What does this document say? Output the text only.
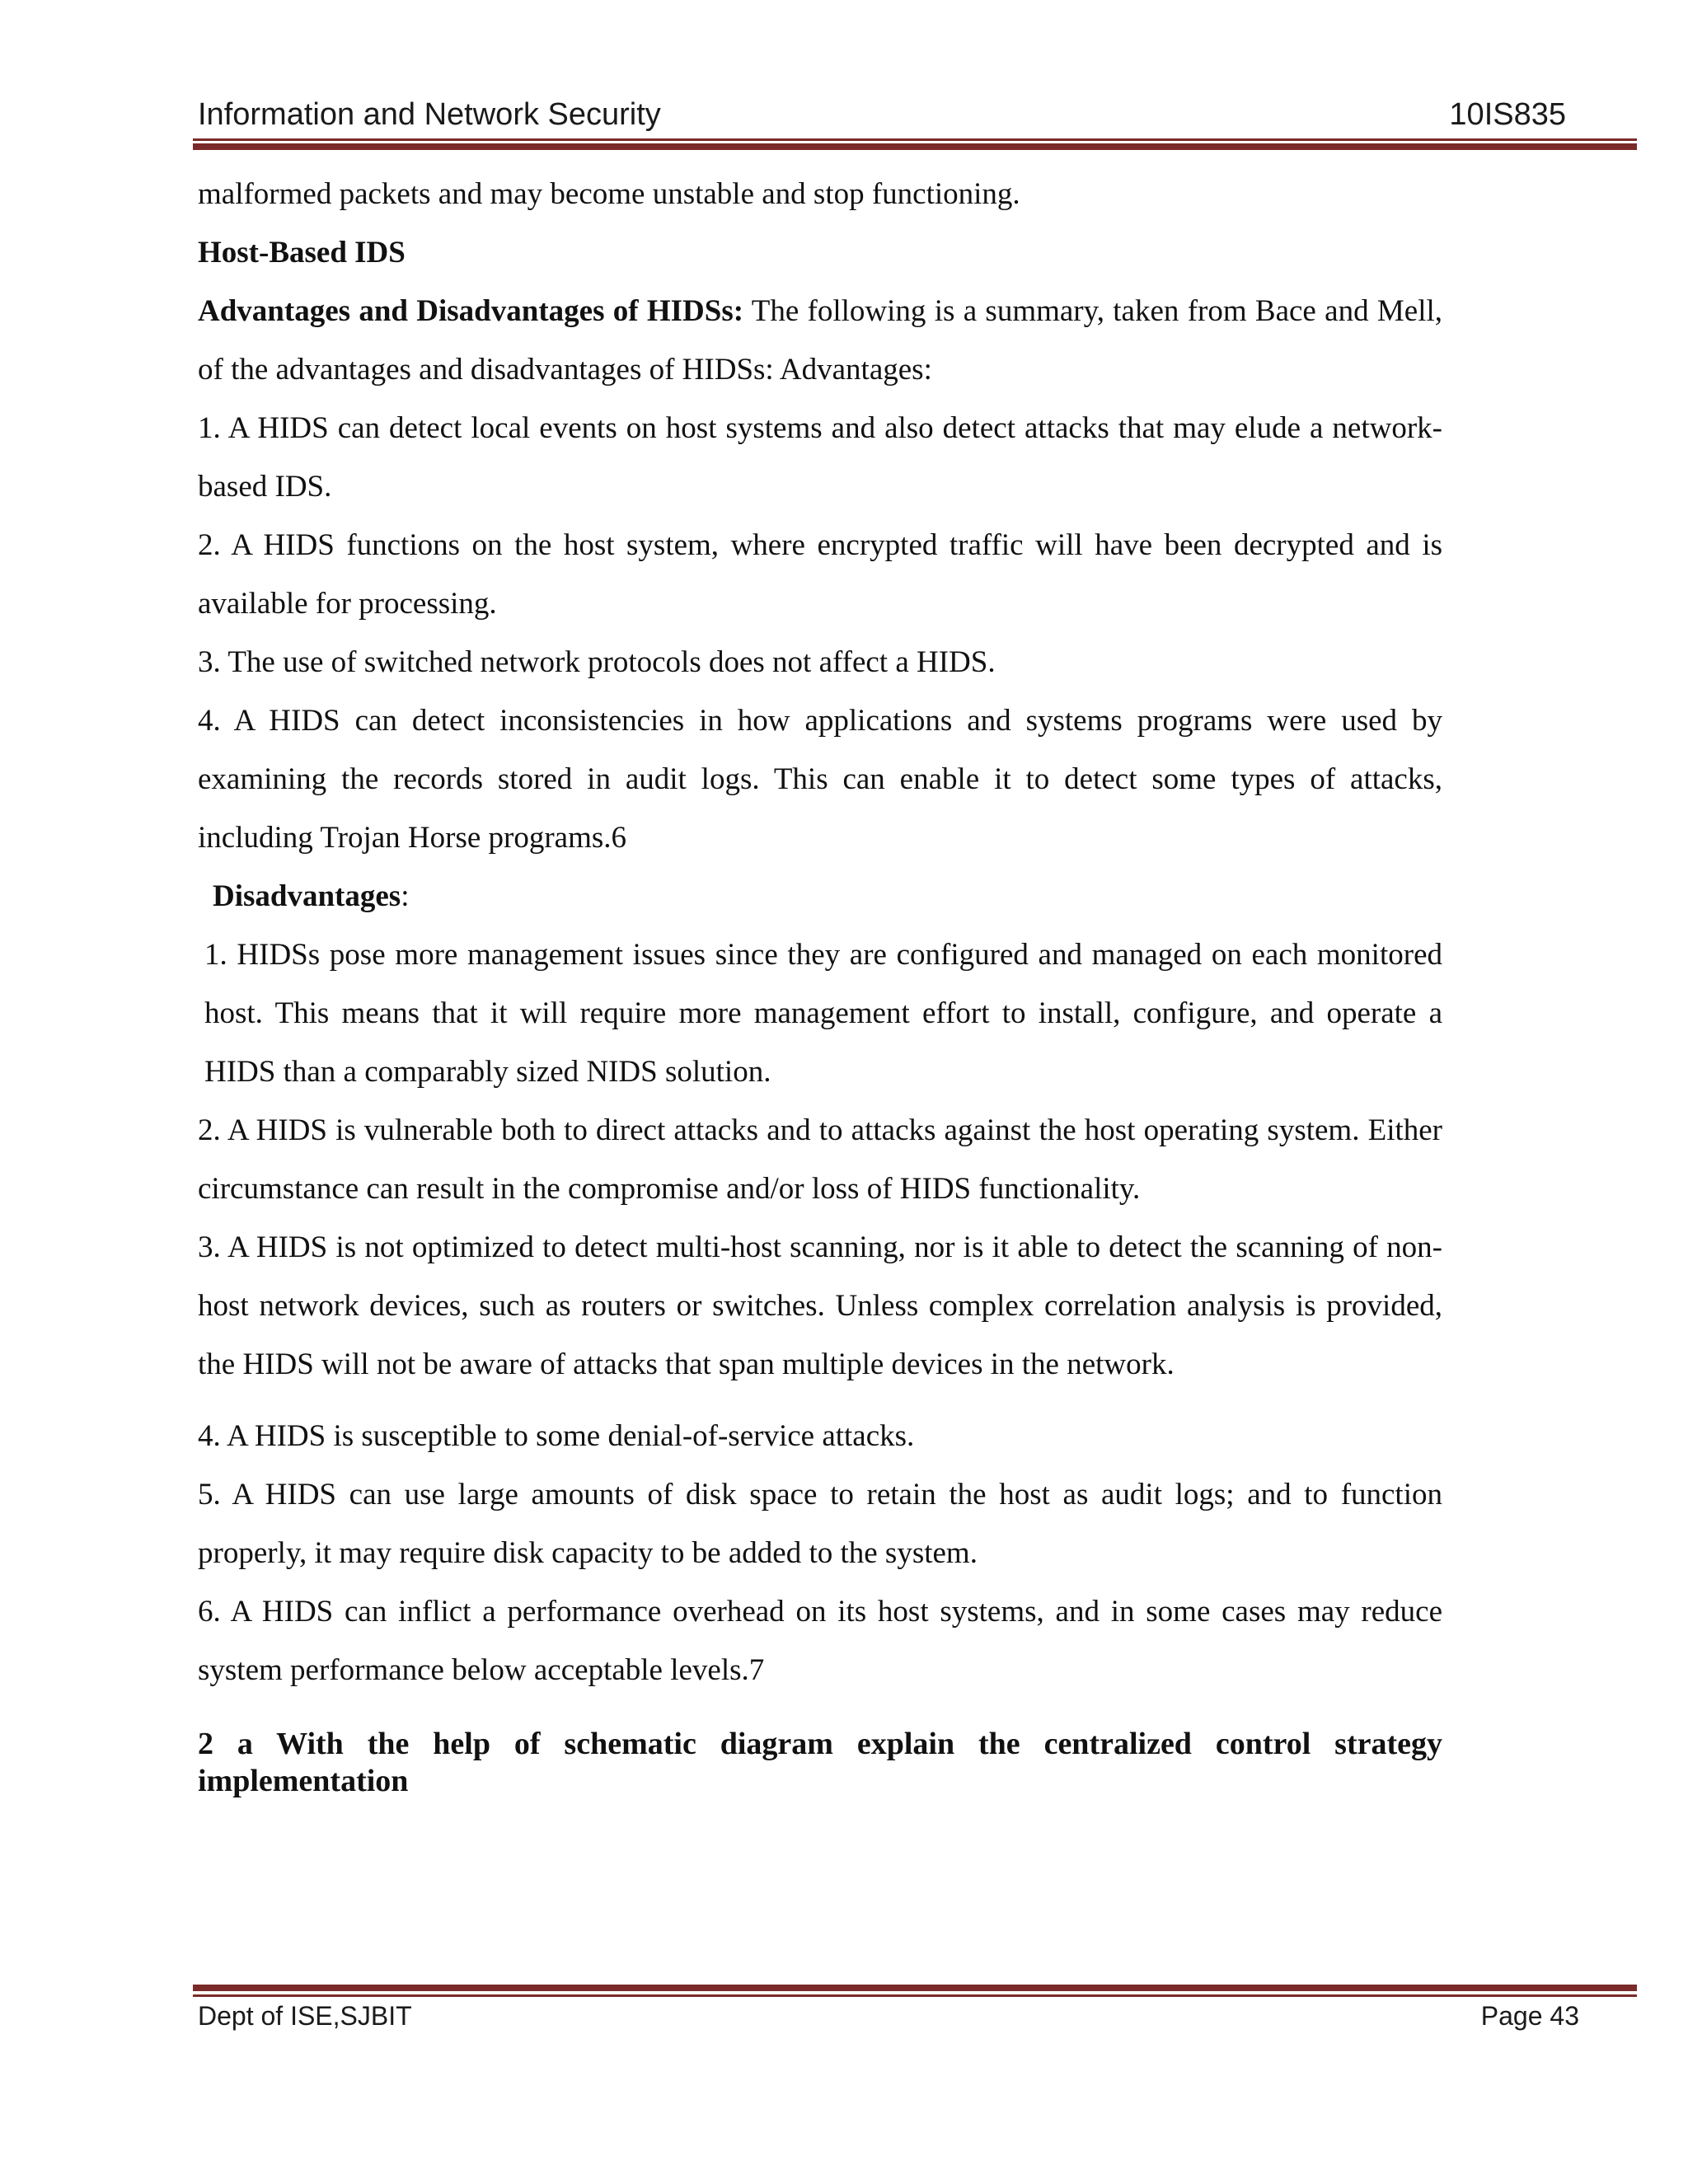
Information and Network Security	10IS835

malformed packets and may become unstable and stop functioning.

Host-Based IDS

Advantages and Disadvantages of HIDSs: The following is a summary, taken from Bace and Mell, of the advantages and disadvantages of HIDSs: Advantages:

1. A HIDS can detect local events on host systems and also detect attacks that may elude a network-based IDS.

2. A HIDS functions on the host system, where encrypted traffic will have been decrypted and is available for processing.

3. The use of switched network protocols does not affect a HIDS.

4. A HIDS can detect inconsistencies in how applications and systems programs were used by examining the records stored in audit logs. This can enable it to detect some types of attacks, including Trojan Horse programs.6

Disadvantages:

1. HIDSs pose more management issues since they are configured and managed on each monitored host. This means that it will require more management effort to install, configure, and operate a HIDS than a comparably sized NIDS solution.

2. A HIDS is vulnerable both to direct attacks and to attacks against the host operating system. Either circumstance can result in the compromise and/or loss of HIDS functionality.

3. A HIDS is not optimized to detect multi-host scanning, nor is it able to detect the scanning of non-host network devices, such as routers or switches. Unless complex correlation analysis is provided, the HIDS will not be aware of attacks that span multiple devices in the network.

4. A HIDS is susceptible to some denial-of-service attacks.

5. A HIDS can use large amounts of disk space to retain the host as audit logs; and to function properly, it may require disk capacity to be added to the system.

6. A HIDS can inflict a performance overhead on its host systems, and in some cases may reduce system performance below acceptable levels.7

2 a With the help of schematic diagram explain the centralized control strategy implementation

Dept of ISE,SJBIT	Page 43
